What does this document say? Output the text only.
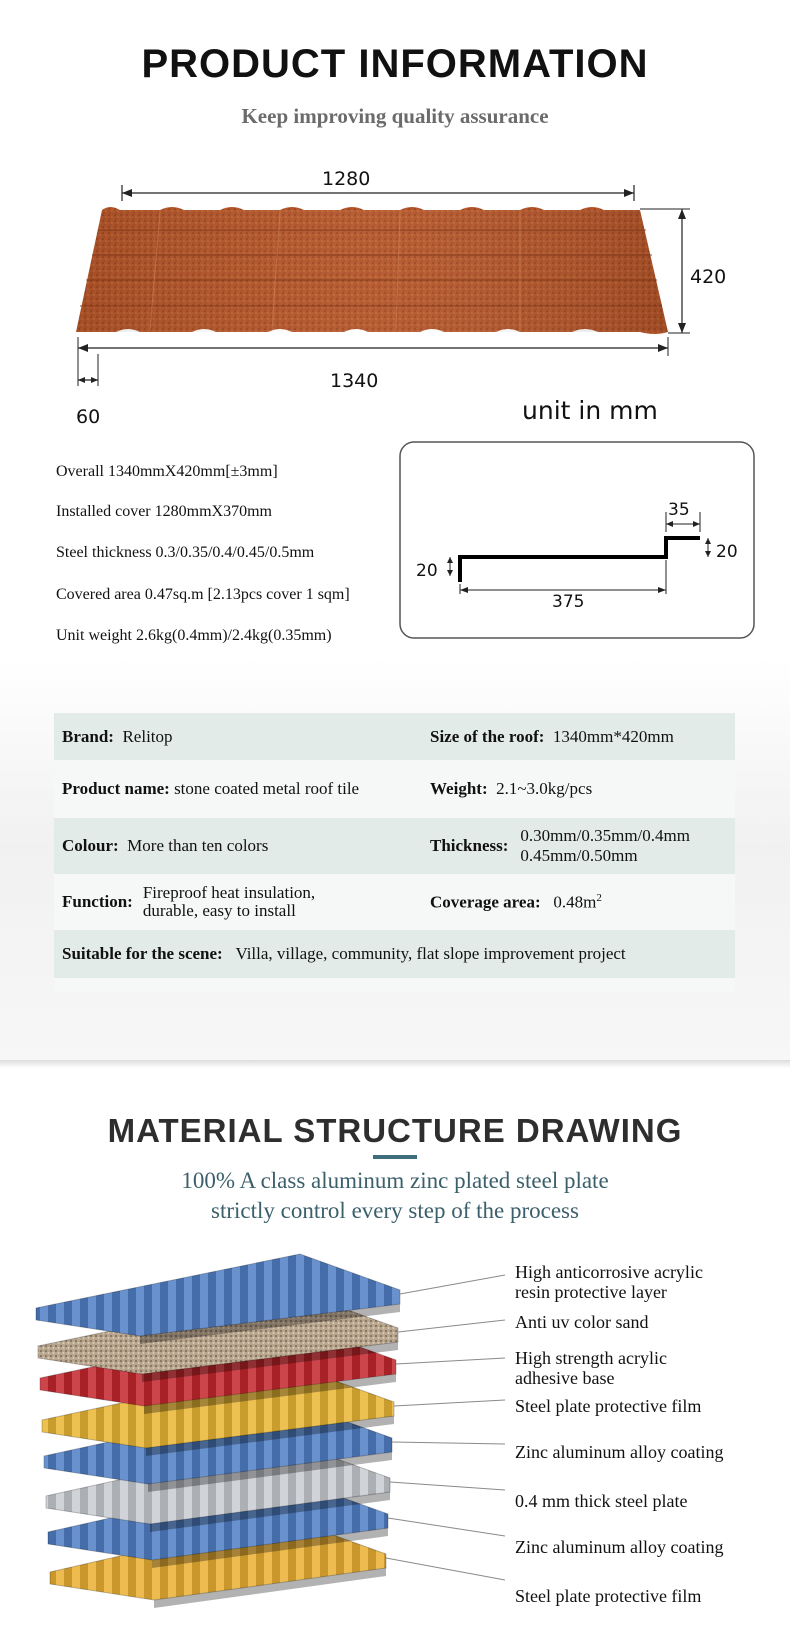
PRODUCT INFORMATION
Keep improving quality assurance
1280
420
1340
60	unit in mm
Overall 1340mmX420mm[±3mm]
Installed cover 1280mmX370mm
Steel thickness 0.3/0.35/0.4/0.45/0.5mm
Covered area 0.47sq.m [2.13pcs cover 1 sqm]
Unit weight 2.6kg(0.4mm)/2.4kg(0.35mm)
35
20
20
375
Brand: Relitop	Size of the roof: 1340mm*420mm
Product name: stone coated metal roof tile	Weight: 2.1~3.0kg/pcs
Colour: More than ten colors	Thickness:
0.30mm/0.35mm/0.4mm
0.45mm/0.50mm

Function: Fireproof heat insulation,
durable, easy to install	Coverage area: $0.48m^2$
Suitable for the scene: Villa, village, community, flat slope improvement project	

MATERIAL STRUCTURE DRAWING
100% A class aluminum zinc plated steel plate
strictly control every step of the process
High anticorrosive acrylic
resin protective layer
Anti uv color sand
High strength acrylic
adhesive base
Steel plate protective film
Zinc aluminum alloy coating
0.4 mm thick steel plate
Zinc aluminum alloy coating
Steel plate protective film
